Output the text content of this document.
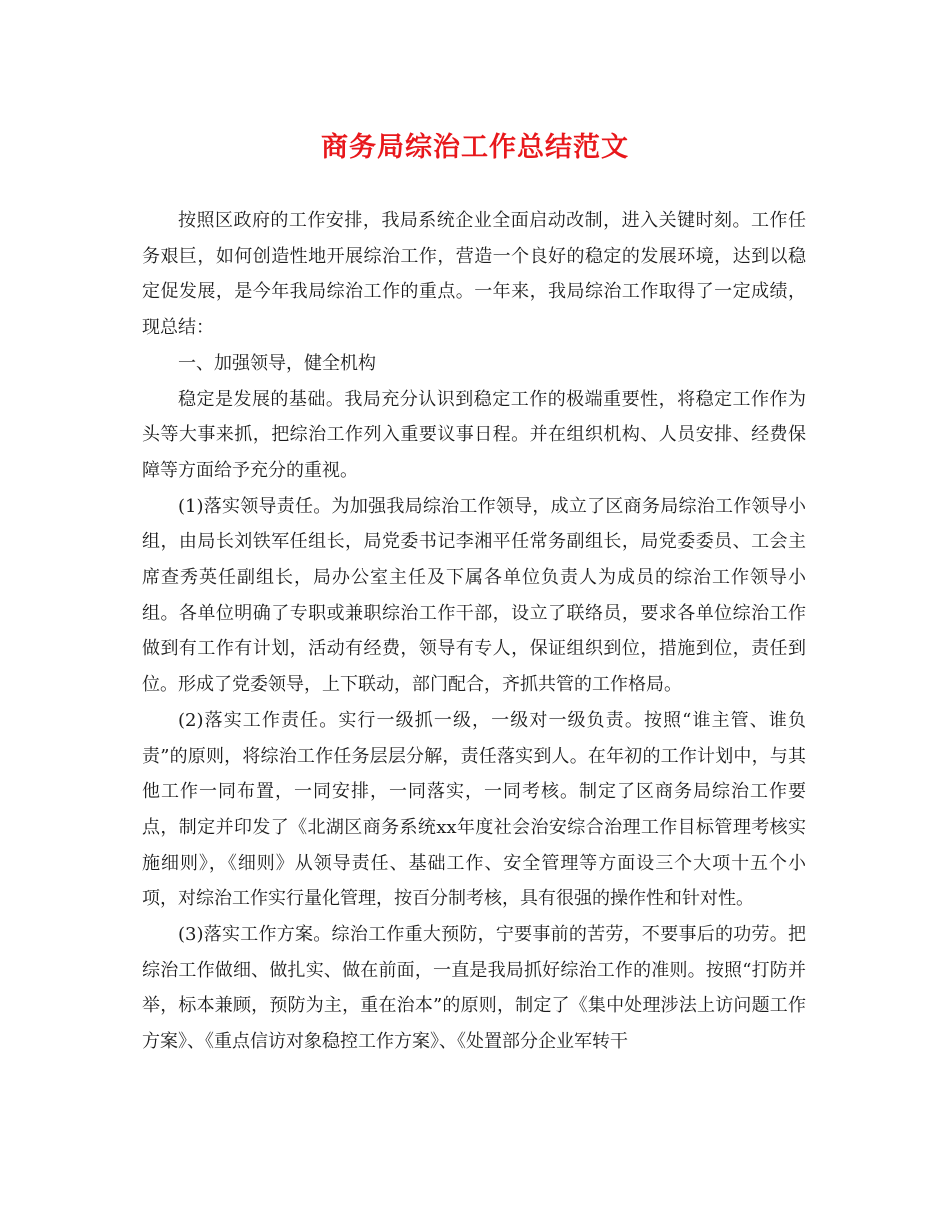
商务局综治工作总结范文

按照区政府的工作安排，我局系统企业全面启动改制，进入关键时刻。工作任务艰巨，如何创造性地开展综治工作，营造一个良好的稳定的发展环境，达到以稳定促发展，是今年我局综治工作的重点。一年来，我局综治工作取得了一定成绩，现总结：

一、加强领导，健全机构

稳定是发展的基础。我局充分认识到稳定工作的极端重要性，将稳定工作作为头等大事来抓，把综治工作列入重要议事日程。并在组织机构、人员安排、经费保障等方面给予充分的重视。

(1)落实领导责任。为加强我局综治工作领导，成立了区商务局综治工作领导小组，由局长刘铁军任组长，局党委书记李湘平任常务副组长，局党委委员、工会主席查秀英任副组长，局办公室主任及下属各单位负责人为成员的综治工作领导小组。各单位明确了专职或兼职综治工作干部，设立了联络员，要求各单位综治工作做到有工作有计划，活动有经费，领导有专人，保证组织到位，措施到位，责任到位。形成了党委领导，上下联动，部门配合，齐抓共管的工作格局。

(2)落实工作责任。实行一级抓一级，一级对一级负责。按照“谁主管、谁负责”的原则，将综治工作任务层层分解，责任落实到人。在年初的工作计划中，与其他工作一同布置，一同安排，一同落实，一同考核。制定了区商务局综治工作要点，制定并印发了《北湖区商务系统xx年度社会治安综合治理工作目标管理考核实施细则》，《细则》从领导责任、基础工作、安全管理等方面设三个大项十五个小项，对综治工作实行量化管理，按百分制考核，具有很强的操作性和针对性。

(3)落实工作方案。综治工作重大预防，宁要事前的苦劳，不要事后的功劳。把综治工作做细、做扎实、做在前面，一直是我局抓好综治工作的准则。按照“打防并举，标本兼顾，预防为主，重在治本”的原则，制定了《集中处理涉法上访问题工作方案》、《重点信访对象稳控工作方案》、《处置部分企业军转干
